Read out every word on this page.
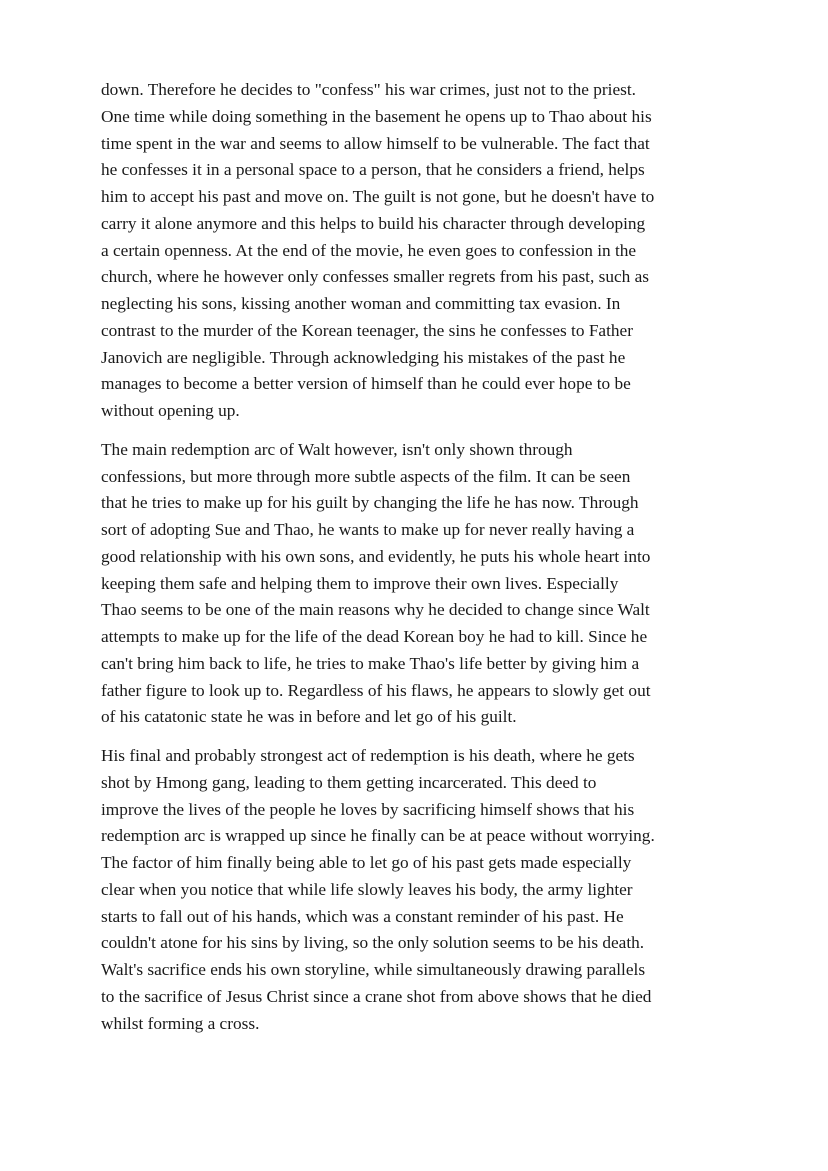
down. Therefore he decides to "confess" his war crimes, just not to the priest.
One time while doing something in the basement he opens up to Thao about his
time spent in the war and seems to allow himself to be vulnerable. The fact that
he confesses it in a personal space to a person, that he considers a friend, helps
him to accept his past and move on. The guilt is not gone, but he doesn't have to
carry it alone anymore and this helps to build his character through developing
a certain openness. At the end of the movie, he even goes to confession in the
church, where he however only confesses smaller regrets from his past, such as
neglecting his sons, kissing another woman and committing tax evasion. In
contrast to the murder of the Korean teenager, the sins he confesses to Father
Janovich are negligible. Through acknowledging his mistakes of the past he
manages to become a better version of himself than he could ever hope to be
without opening up.

The main redemption arc of Walt however, isn't only shown through
confessions, but more through more subtle aspects of the film. It can be seen
that he tries to make up for his guilt by changing the life he has now. Through
sort of adopting Sue and Thao, he wants to make up for never really having a
good relationship with his own sons, and evidently, he puts his whole heart into
keeping them safe and helping them to improve their own lives. Especially
Thao seems to be one of the main reasons why he decided to change since Walt
attempts to make up for the life of the dead Korean boy he had to kill. Since he
can't bring him back to life, he tries to make Thao's life better by giving him a
father figure to look up to. Regardless of his flaws, he appears to slowly get out
of his catatonic state he was in before and let go of his guilt.

His final and probably strongest act of redemption is his death, where he gets
shot by Hmong gang, leading to them getting incarcerated. This deed to
improve the lives of the people he loves by sacrificing himself shows that his
redemption arc is wrapped up since he finally can be at peace without worrying.
The factor of him finally being able to let go of his past gets made especially
clear when you notice that while life slowly leaves his body, the army lighter
starts to fall out of his hands, which was a constant reminder of his past. He
couldn't atone for his sins by living, so the only solution seems to be his death.
Walt's sacrifice ends his own storyline, while simultaneously drawing parallels
to the sacrifice of Jesus Christ since a crane shot from above shows that he died
whilst forming a cross.
